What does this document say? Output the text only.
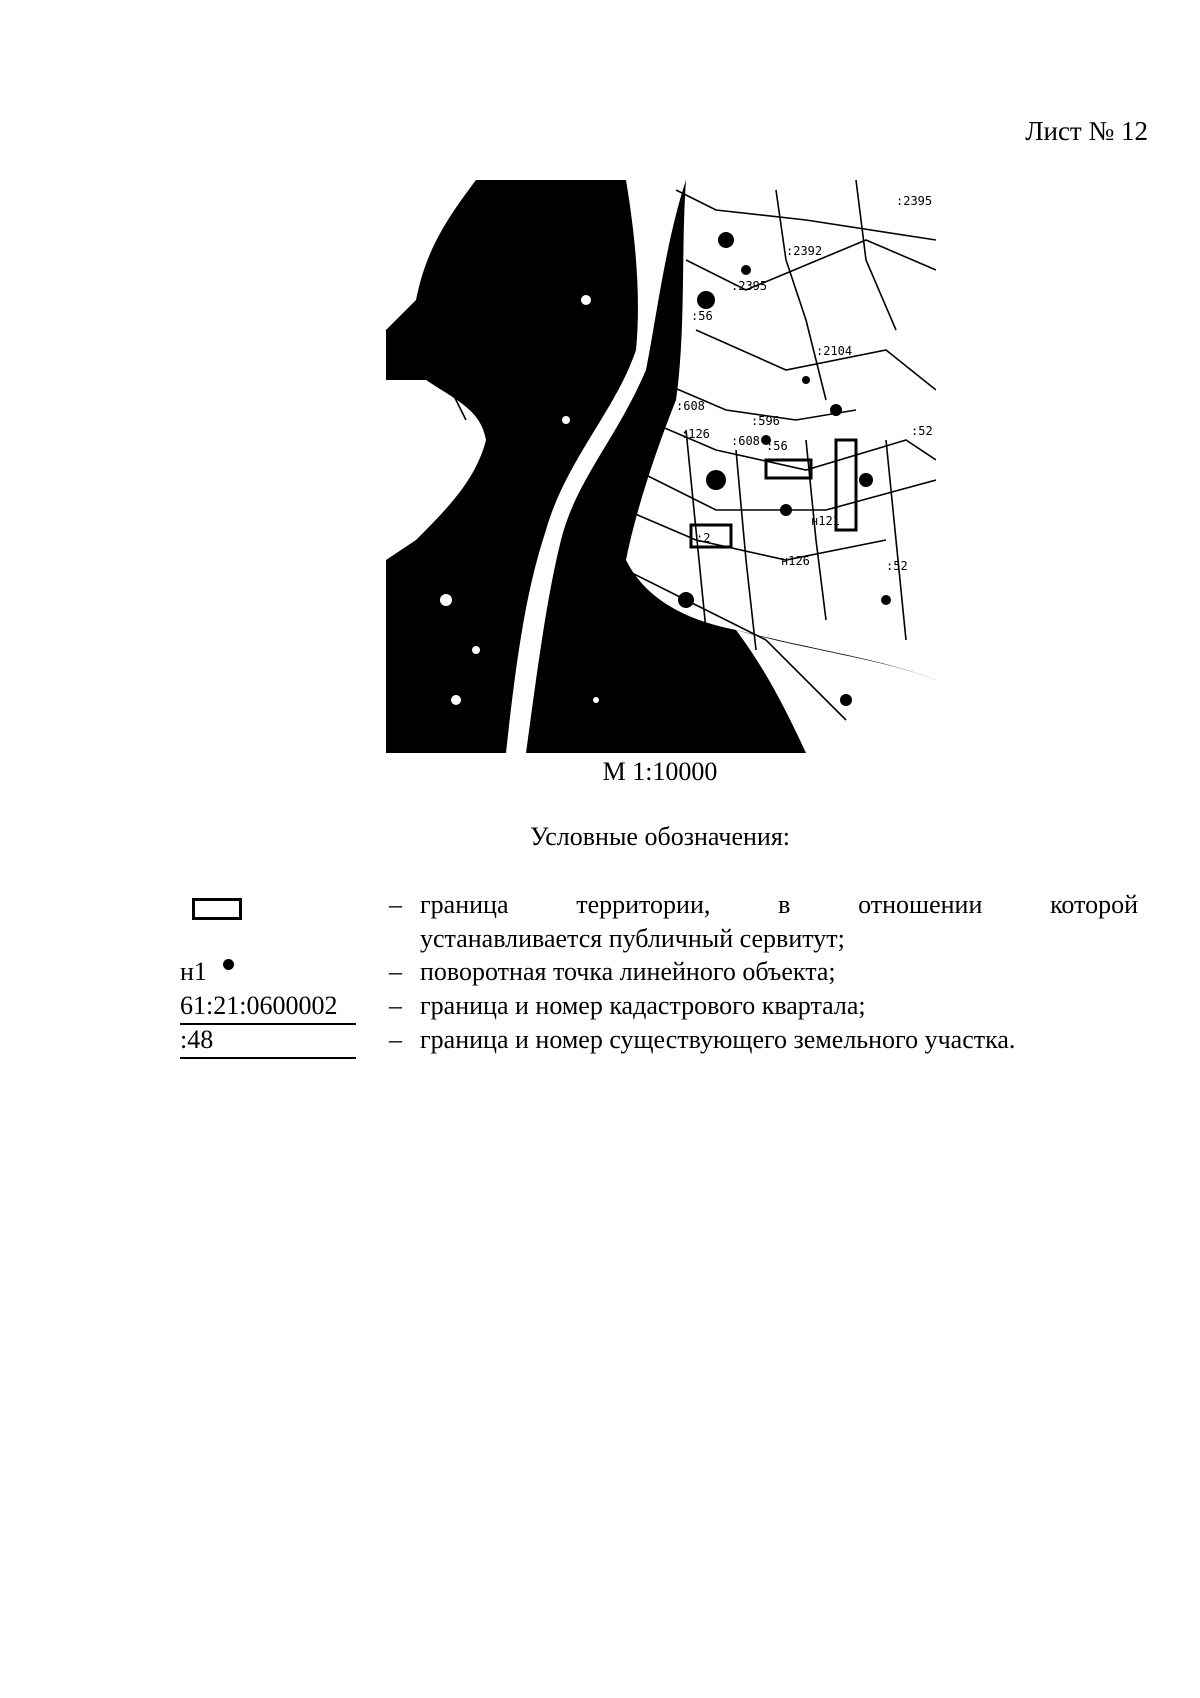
Лист № 12
:2395
:2392
:2395
:56
:2104
:52
н121
н126	:52
:596
:608
:56
:608
:126
:2
М 1:10000
Условные обозначения:
– граница территории, в отношении которой
устанавливается публичный сервитут;
н1	– поворотная точка линейного объекта;
61:21:0600002	– граница и номер кадастрового квартала;
:48	– граница и номер существующего земельного участка.
